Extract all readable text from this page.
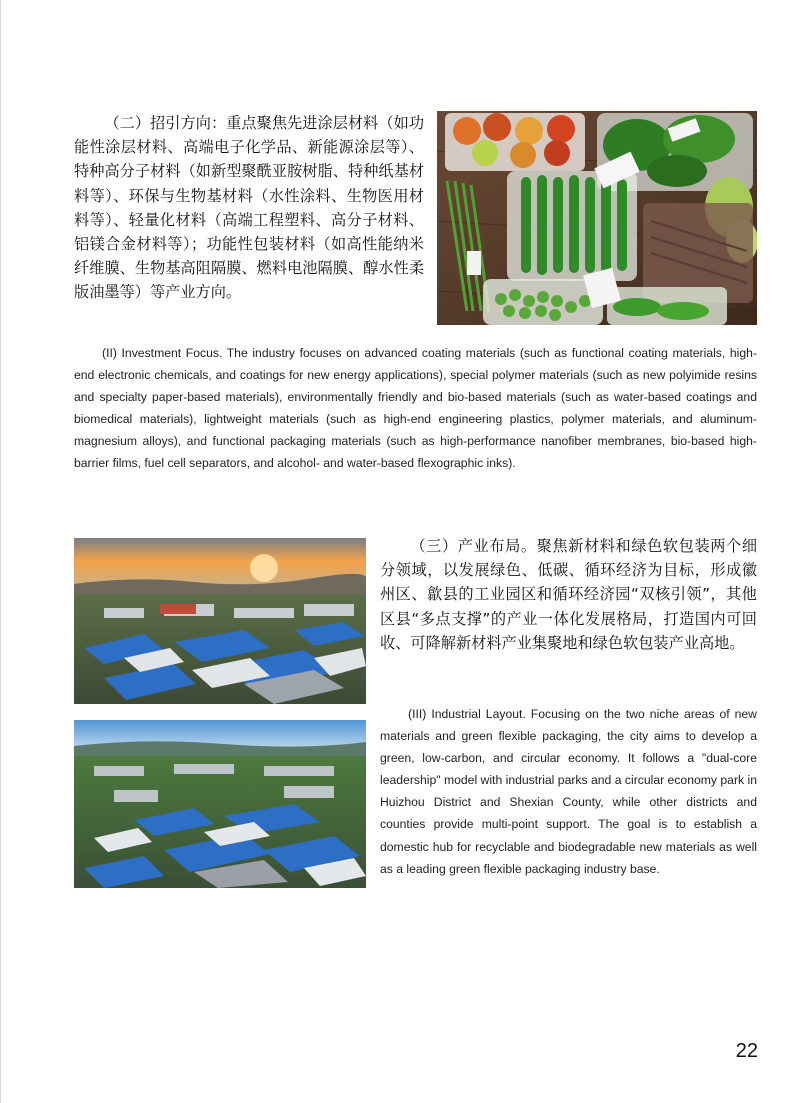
（二）招引方向：重点聚焦先进涂层材料（如功能性涂层材料、高端电子化学品、新能源涂层等）、特种高分子材料（如新型聚酰亚胺树脂、特种纸基材料等）、环保与生物基材料（水性涂料、生物医用材料等）、轻量化材料（高端工程塑料、高分子材料、铝镁合金材料等）；功能性包装材料（如高性能纳米纤维膜、生物基高阻隔膜、燃料电池隔膜、醇水性柔版油墨等）等产业方向。

(II) Investment Focus. The industry focuses on advanced coating materials (such as functional coating materials, high-end electronic chemicals, and coatings for new energy applications), special polymer materials (such as new polyimide resins and specialty paper-based materials), environmentally friendly and bio-based materials (such as water-based coatings and biomedical materials), lightweight materials (such as high-end engineering plastics, polymer materials, and aluminum-magnesium alloys), and functional packaging materials (such as high-performance nanofiber membranes, bio-based high-barrier films, fuel cell separators, and alcohol- and water-based flexographic inks).

（三）产业布局。聚焦新材料和绿色软包装两个细分领域，以发展绿色、低碳、循环经济为目标，形成徽州区、歙县的工业园区和循环经济园“双核引领”，其他区县“多点支撑”的产业一体化发展格局，打造国内可回收、可降解新材料产业集聚地和绿色软包装产业高地。

(III) Industrial Layout. Focusing on the two niche areas of new materials and green flexible packaging, the city aims to develop a green, low-carbon, and circular economy. It follows a "dual-core leadership" model with industrial parks and a circular economy park in Huizhou District and Shexian County, while other districts and counties provide multi-point support. The goal is to establish a domestic hub for recyclable and biodegradable new materials as well as a leading green flexible packaging industry base.

22
